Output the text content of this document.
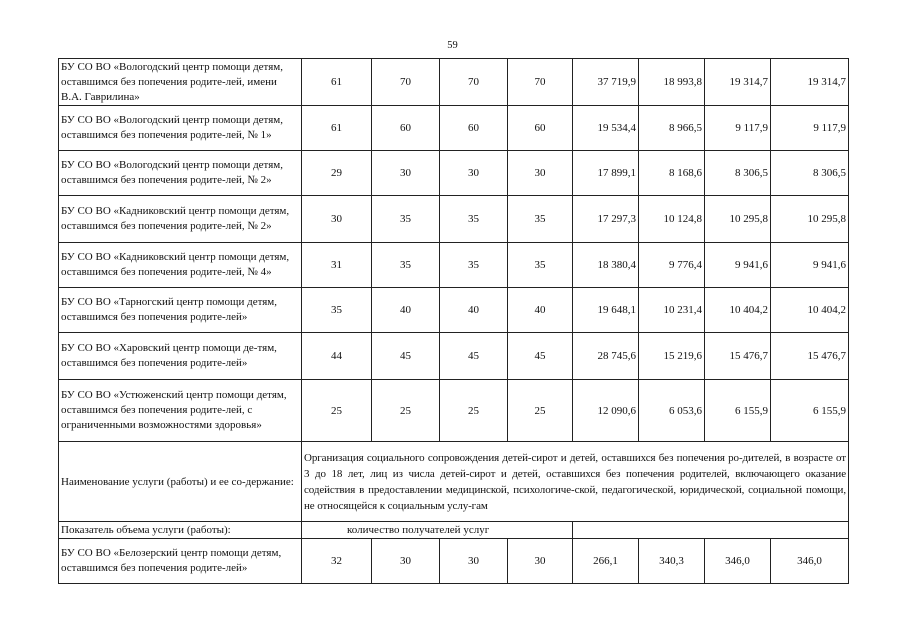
59
БУ СО ВО «Вологодский центр помощи детям, оставшимся без попечения родите-лей, имени В.А. Гаврилина»	61	70	70	70	37 719,9	18 993,8	19 314,7	19 314,7
БУ СО ВО «Вологодский центр помощи детям, оставшимся без попечения родите-лей, № 1»	61	60	60	60	19 534,4	8 966,5	9 117,9	9 117,9
БУ СО ВО «Вологодский центр помощи детям, оставшимся без попечения родите-лей, № 2»	29	30	30	30	17 899,1	8 168,6	8 306,5	8 306,5
БУ СО ВО «Кадниковский центр помощи детям, оставшимся без попечения родите-лей, № 2»	30	35	35	35	17 297,3	10 124,8	10 295,8	10 295,8
БУ СО ВО «Кадниковский центр помощи детям, оставшимся без попечения родите-лей, № 4»	31	35	35	35	18 380,4	9 776,4	9 941,6	9 941,6
БУ СО ВО «Тарногский центр помощи детям, оставшимся без попечения родите-лей»	35	40	40	40	19 648,1	10 231,4	10 404,2	10 404,2
БУ СО ВО «Харовский центр помощи де-тям, оставшимся без попечения родите-лей»	44	45	45	45	28 745,6	15 219,6	15 476,7	15 476,7
БУ СО ВО «Устюженский центр помощи детям, оставшимся без попечения родите-лей, с ограниченными возможностями здоровья»	25	25	25	25	12 090,6	6 053,6	6 155,9	6 155,9
Наименование услуги (работы) и ее со-держание:	Организация социального сопровождения детей-сирот и детей, оставшихся без попечения ро-дителей, в возрасте от 3 до 18 лет, лиц из числа детей-сирот и детей, оставшихся без попечения родителей, включающего оказание содействия в предоставлении медицинской, психологиче-ской, педагогической, юридической, социальной помощи, не относящейся к социальным услу-гам							
Показатель объема услуги (работы):	количество получателей услуг							
БУ СО ВО «Белозерский центр помощи детям, оставшимся без попечения родите-лей»	32	30	30	30	266,1	340,3	346,0	346,0
